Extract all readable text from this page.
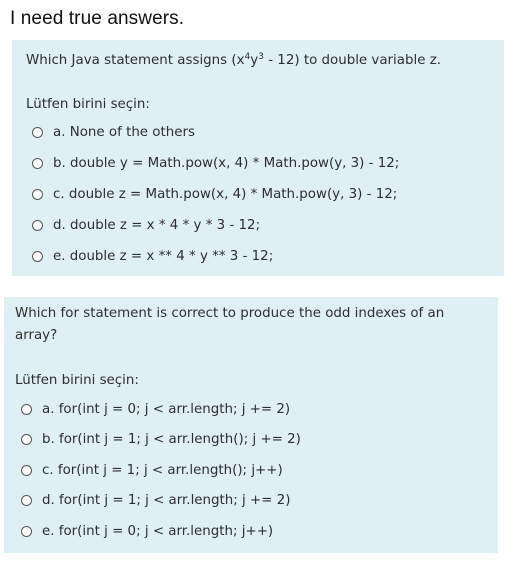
I need true answers.
Which Java statement assigns $(x^4y^3 - 12)$ to double variable z.
Lütfen birini seçin:
a. None of the others
b. double y = Math.pow(x, 4) * Math.pow(y, 3) - 12;
c. double z = Math.pow(x, 4) * Math.pow(y, 3) - 12;
d. double z = x * 4 * y * 3 - 12;
e. double z = x ** 4 * y ** 3 - 12;
Which for statement is correct to produce the odd indexes of an
array?
Lütfen birini seçin:
a. for(int j = 0; j < arr.length; j += 2)
b. for(int j = 1; j < arr.length(); j += 2)
c. for(int j = 1; j < arr.length(); j++)
d. for(int j = 1; j < arr.length; j += 2)
e. for(int j = 0; j < arr.length; j++)
